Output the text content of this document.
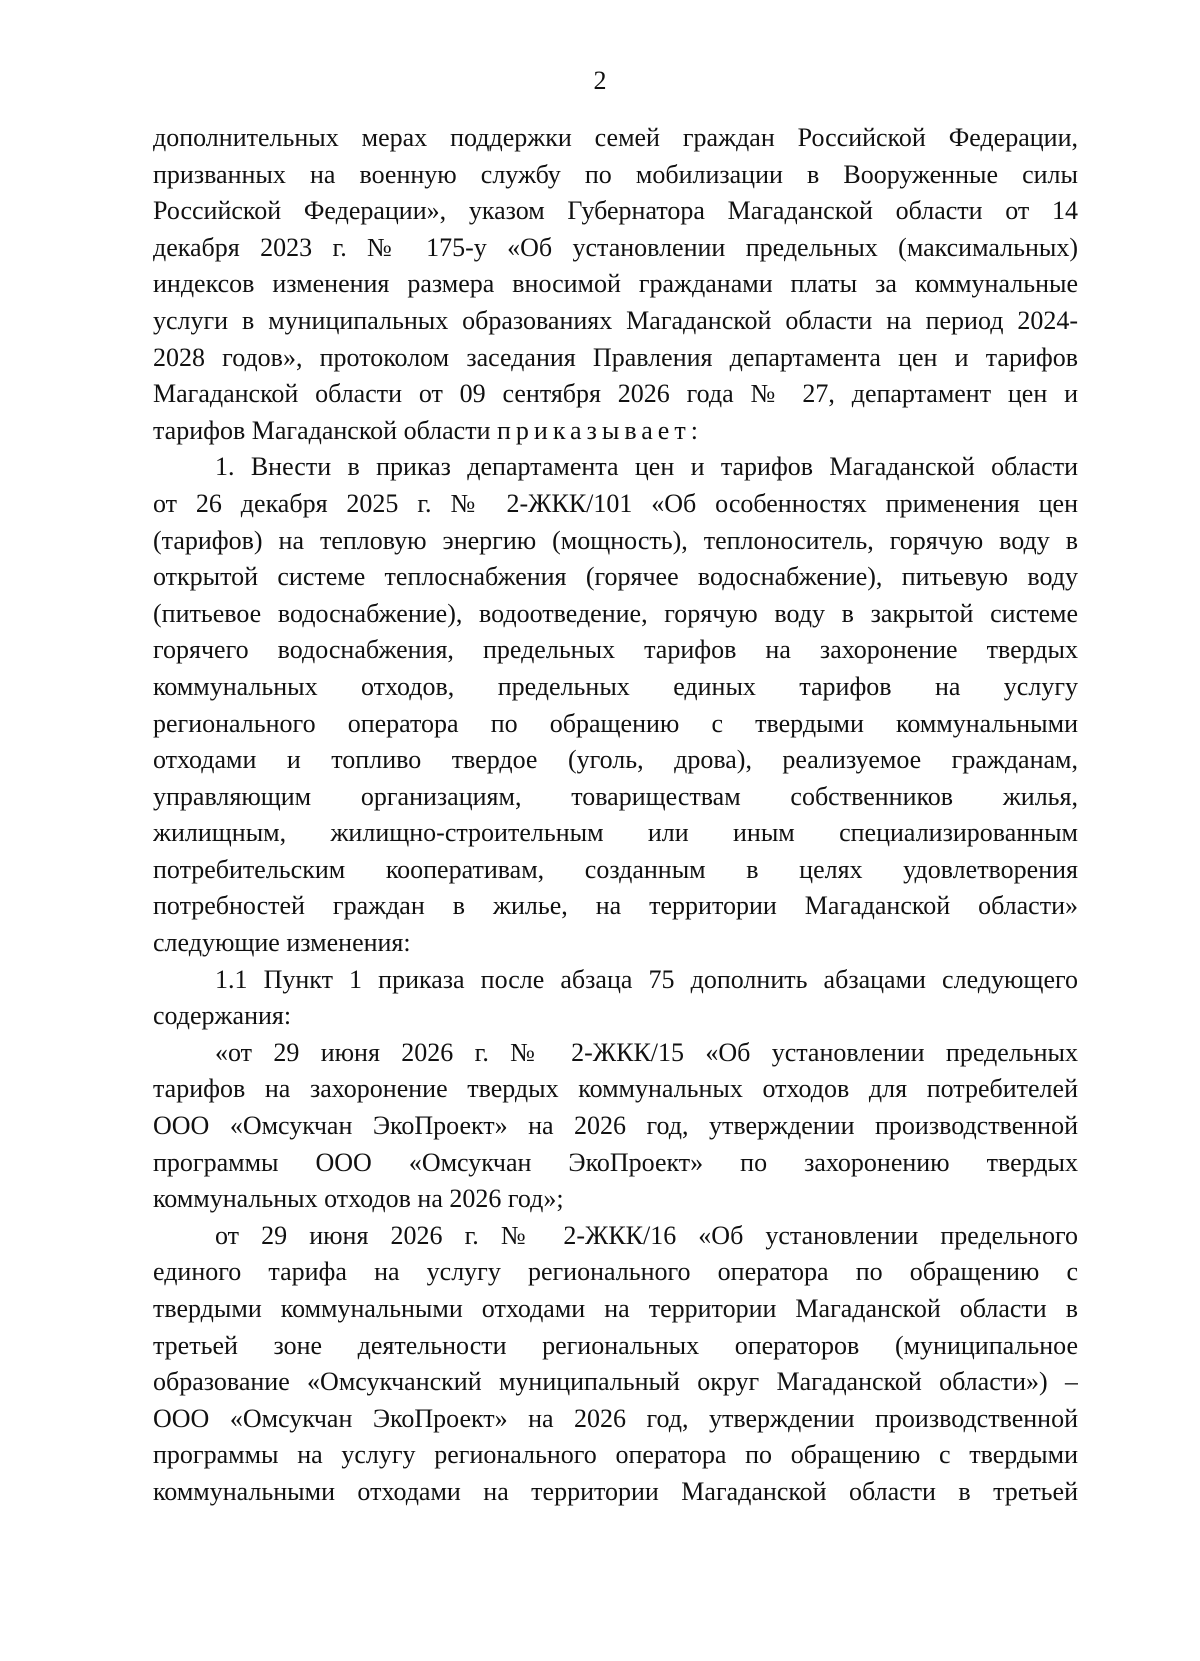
2
дополнительных мерах поддержки семей граждан Российской Федерации,
призванных на военную службу по мобилизации в Вооруженные силы
Российской Федерации», указом Губернатора Магаданской области от 14
декабря 2023 г. № 175-у «Об установлении предельных (максимальных)
индексов изменения размера вносимой гражданами платы за коммунальные
услуги в муниципальных образованиях Магаданской области на период 2024-
2028 годов», протоколом заседания Правления департамента цен и тарифов
Магаданской области от 09 сентября 2026 года № 27, департамент цен и
тарифов Магаданской области приказывает:
1. Внести в приказ департамента цен и тарифов Магаданской области
от 26 декабря 2025 г. № 2-ЖКК/101 «Об особенностях применения цен
(тарифов) на тепловую энергию (мощность), теплоноситель, горячую воду в
открытой системе теплоснабжения (горячее водоснабжение), питьевую воду
(питьевое водоснабжение), водоотведение, горячую воду в закрытой системе
горячего водоснабжения, предельных тарифов на захоронение твердых
коммунальных отходов, предельных единых тарифов на услугу
регионального оператора по обращению с твердыми коммунальными
отходами и топливо твердое (уголь, дрова), реализуемое гражданам,
управляющим организациям, товариществам собственников жилья,
жилищным, жилищно-строительным или иным специализированным
потребительским кооперативам, созданным в целях удовлетворения
потребностей граждан в жилье, на территории Магаданской области»
следующие изменения:
1.1 Пункт 1 приказа после абзаца 75 дополнить абзацами следующего
содержания:
«от 29 июня 2026 г. № 2-ЖКК/15 «Об установлении предельных
тарифов на захоронение твердых коммунальных отходов для потребителей
ООО «Омсукчан ЭкоПроект» на 2026 год, утверждении производственной
программы ООО «Омсукчан ЭкоПроект» по захоронению твердых
коммунальных отходов на 2026 год»;
от 29 июня 2026 г. № 2-ЖКК/16 «Об установлении предельного
единого тарифа на услугу регионального оператора по обращению с
твердыми коммунальными отходами на территории Магаданской области в
третьей зоне деятельности региональных операторов (муниципальное
образование «Омсукчанский муниципальный округ Магаданской области») –
ООО «Омсукчан ЭкоПроект» на 2026 год, утверждении производственной
программы на услугу регионального оператора по обращению с твердыми
коммунальными отходами на территории Магаданской области в третьей
